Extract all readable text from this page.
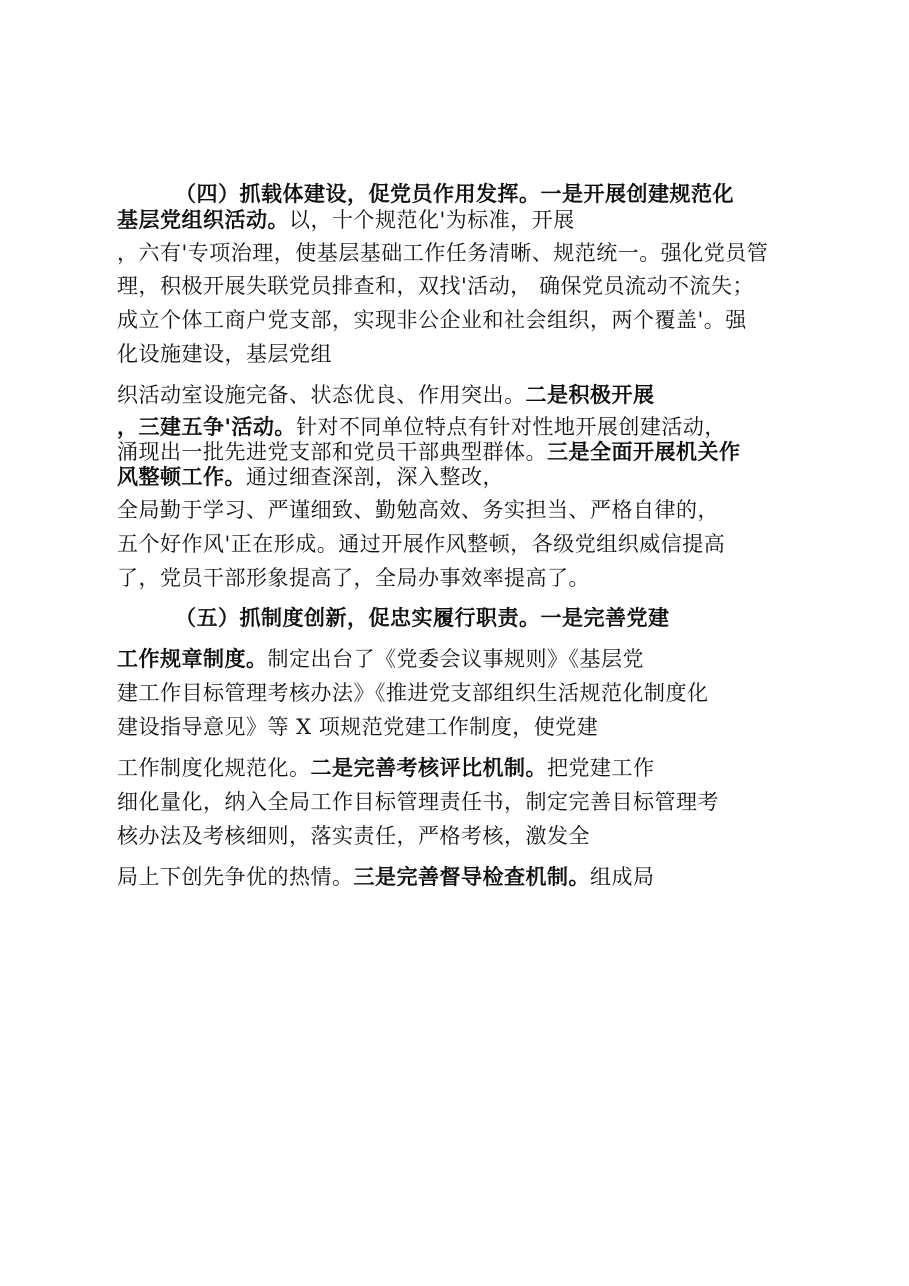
（四）抓载体建设，促党员作用发挥。一是开展创建规范化
基层党组织活动。以，十个规范化'为标准，开展
，六有'专项治理，使基层基础工作任务清晰、规范统一。强化党员管
理，积极开展失联党员排查和，双找'活动， 确保党员流动不流失；
成立个体工商户党支部，实现非公企业和社会组织，两个覆盖'。强
化设施建设，基层党组
织活动室设施完备、状态优良、作用突出。二是积极开展
，三建五争'活动。针对不同单位特点有针对性地开展创建活动，
涌现出一批先进党支部和党员干部典型群体。三是全面开展机关作
风整顿工作。通过细查深剖，深入整改，
全局勤于学习、严谨细致、勤勉高效、务实担当、严格自律的，
五个好作风'正在形成。通过开展作风整顿，各级党组织威信提高
了，党员干部形象提高了，全局办事效率提高了。
（五）抓制度创新，促忠实履行职责。一是完善党建
工作规章制度。制定出台了《党委会议事规则》《基层党
建工作目标管理考核办法》《推进党支部组织生活规范化制度化
建设指导意见》等 X 项规范党建工作制度，使党建
工作制度化规范化。二是完善考核评比机制。把党建工作
细化量化，纳入全局工作目标管理责任书，制定完善目标管理考
核办法及考核细则，落实责任，严格考核，激发全
局上下创先争优的热情。三是完善督导检查机制。组成局
